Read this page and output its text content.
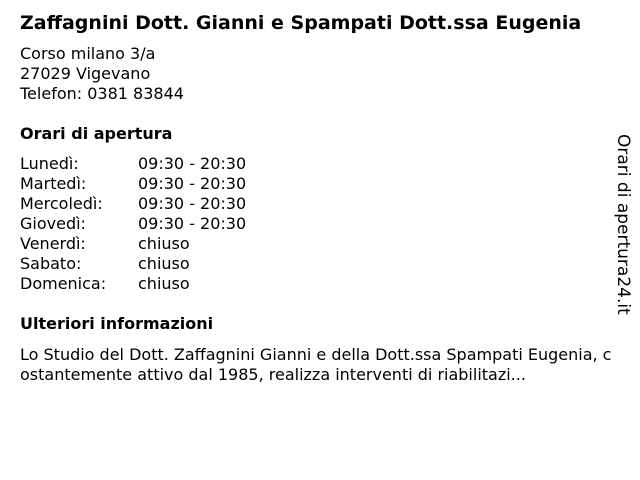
Zaffagnini Dott. Gianni e Spampati Dott.ssa Eugenia
Corso milano 3/a
27029 Vigevano
Telefon: 0381 83844
Orari di apertura
Lunedì:	09:30 - 20:30
Martedì:	09:30 - 20:30
Mercoledì: 09:30 - 20:30
Giovedì:	09:30 - 20:30
Venerdì:	chiuso
Sabato:	chiuso
Domenica: chiuso
Ulteriori informazioni
Lo Studio del Dott. Zaffagnini Gianni e della Dott.ssa Spampati Eugenia, costantemente attivo dal 1985, realizza interventi di riabilitazi...
Orari di apertura24.it
